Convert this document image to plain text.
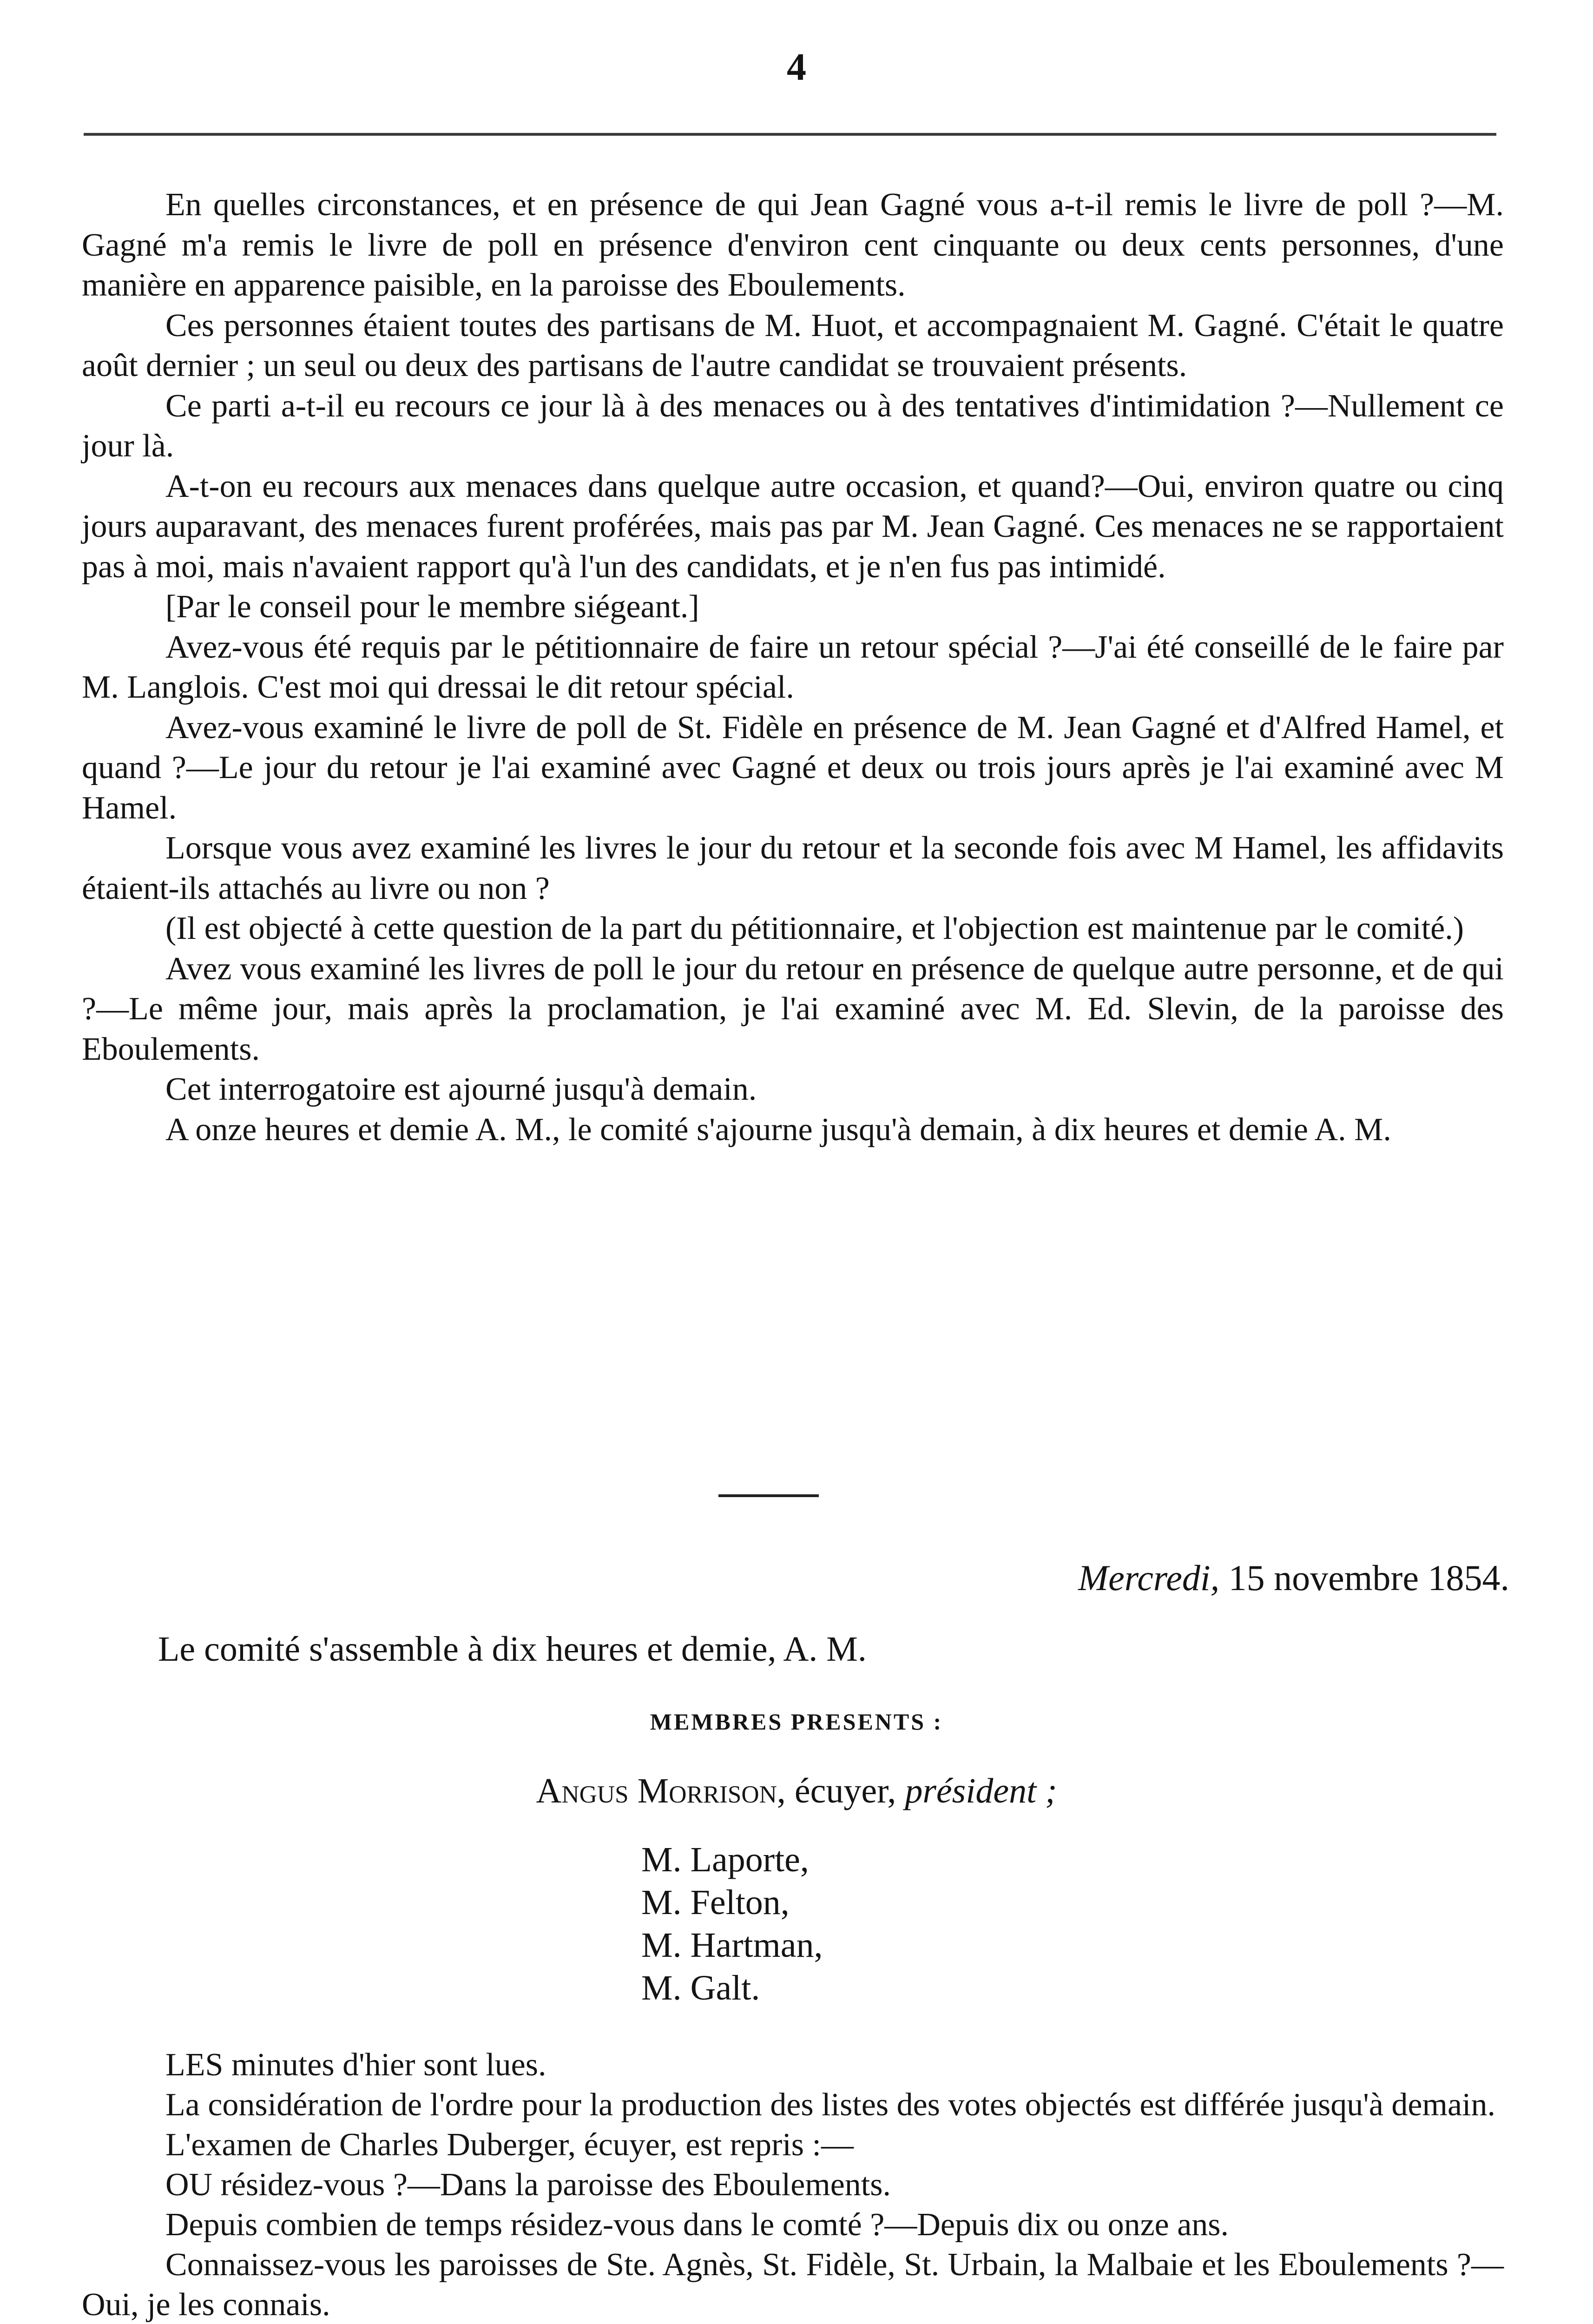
4

En quelles circonstances, et en présence de qui Jean Gagné vous a-t-il remis le livre de poll ?—M. Gagné m'a remis le livre de poll en présence d'environ cent cinquante ou deux cents personnes, d'une manière en apparence paisible, en la paroisse des Eboulements.

Ces personnes étaient toutes des partisans de M. Huot, et accompagnaient M. Gagné. C'était le quatre août dernier ; un seul ou deux des partisans de l'autre candidat se trouvaient présents.

Ce parti a-t-il eu recours ce jour là à des menaces ou à des tentatives d'intimidation ?—Nullement ce jour là.

A-t-on eu recours aux menaces dans quelque autre occasion, et quand?—Oui, environ quatre ou cinq jours auparavant, des menaces furent proférées, mais pas par M. Jean Gagné. Ces menaces ne se rapportaient pas à moi, mais n'avaient rapport qu'à l'un des candidats, et je n'en fus pas intimidé.

[Par le conseil pour le membre siégeant.]

Avez-vous été requis par le pétitionnaire de faire un retour spécial ?—J'ai été conseillé de le faire par M. Langlois. C'est moi qui dressai le dit retour spécial.

Avez-vous examiné le livre de poll de St. Fidèle en présence de M. Jean Gagné et d'Alfred Hamel, et quand ?—Le jour du retour je l'ai examiné avec Gagné et deux ou trois jours après je l'ai examiné avec M Hamel.

Lorsque vous avez examiné les livres le jour du retour et la seconde fois avec M Hamel, les affidavits étaient-ils attachés au livre ou non ?

(Il est objecté à cette question de la part du pétitionnaire, et l'objection est maintenue par le comité.)

Avez vous examiné les livres de poll le jour du retour en présence de quelque autre personne, et de qui ?—Le même jour, mais après la proclamation, je l'ai examiné avec M. Ed. Slevin, de la paroisse des Eboulements.

Cet interrogatoire est ajourné jusqu'à demain.

A onze heures et demie A. M., le comité s'ajourne jusqu'à demain, à dix heures et demie A. M.

Mercredi, 15 novembre 1854.
Le comité s'assemble à dix heures et demie, A. M.
MEMBRES PRESENTS :
Angus Morrison, écuyer, président ;
M. Laporte,
M. Felton,
M. Hartman,
M. Galt.

LES minutes d'hier sont lues.

La considération de l'ordre pour la production des listes des votes objectés est différée jusqu'à demain.

L'examen de Charles Duberger, écuyer, est repris :—

OU résidez-vous ?—Dans la paroisse des Eboulements.

Depuis combien de temps résidez-vous dans le comté ?—Depuis dix ou onze ans.

Connaissez-vous les paroisses de Ste. Agnès, St. Fidèle, St. Urbain, la Malbaie et les Eboulements ?—Oui, je les connais.
